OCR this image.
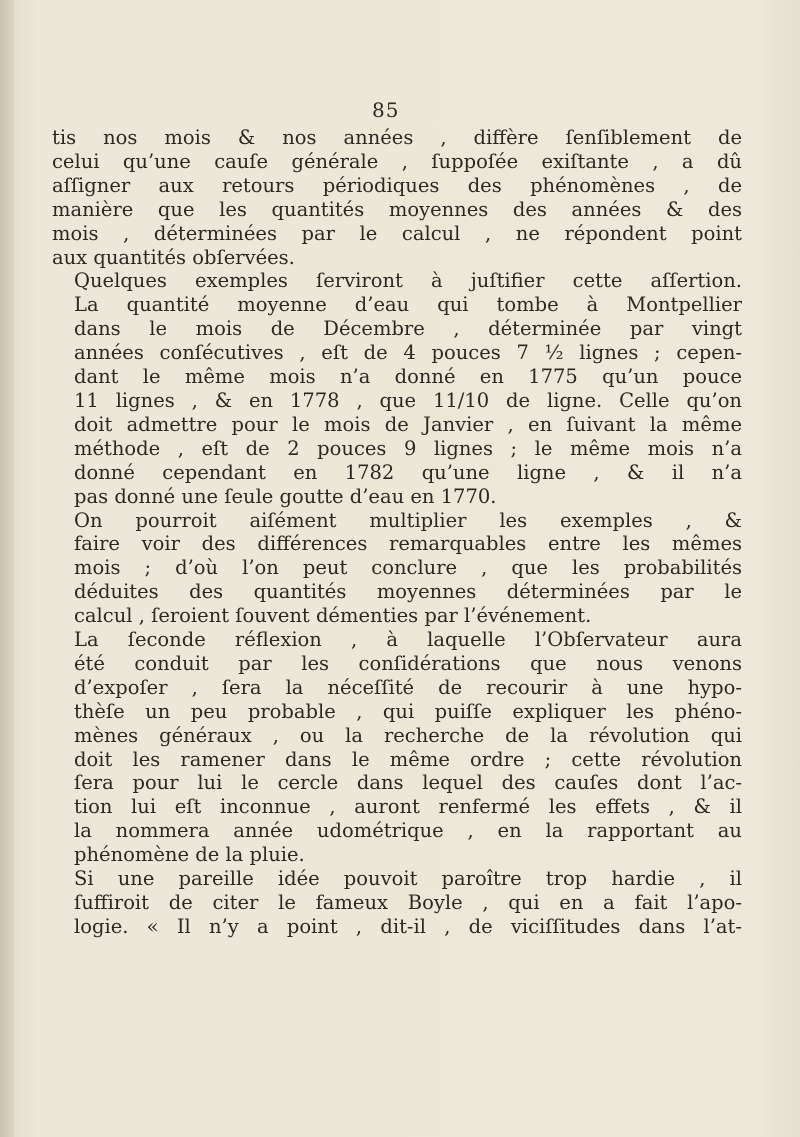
85
tis nos mois & nos années , diffère ſenſiblement de
celui qu’une cauſe générale , ſuppoſée exiſtante , a dû
aſſigner aux retours périodiques des phénomènes , de
manière que les quantités moyennes des années & des
mois , déterminées par le calcul , ne répondent point
aux quantités obſervées.
Quelques exemples ſerviront à juſtifier cette aſſertion.
La quantité moyenne d’eau qui tombe à Montpellier
dans le mois de Décembre , déterminée par vingt
années conſécutives , eſt de 4 pouces 7 ½ lignes ; cepen-
dant le même mois n’a donné en 1775 qu’un pouce
11 lignes , & en 1778 , que 11/10 de ligne. Celle qu’on
doit admettre pour le mois de Janvier , en ſuivant la même
méthode , eſt de 2 pouces 9 lignes ; le même mois n’a
donné cependant en 1782 qu’une ligne , & il n’a
pas donné une ſeule goutte d’eau en 1770.
On pourroit aiſément multiplier les exemples , &
faire voir des différences remarquables entre les mêmes
mois ; d’où l’on peut conclure , que les probabilités
déduites des quantités moyennes déterminées par le
calcul , ſeroient ſouvent démenties par l’événement.
La ſeconde réflexion , à laquelle l’Obſervateur aura
été conduit par les conſidérations que nous venons
d’expoſer , ſera la néceſſité de recourir à une hypo-
thèſe un peu probable , qui puiſſe expliquer les phéno-
mènes généraux , ou la recherche de la révolution qui
doit les ramener dans le même ordre ; cette révolution
ſera pour lui le cercle dans lequel des cauſes dont l’ac-
tion lui eſt inconnue , auront renfermé les effets , & il
la nommera année udométrique , en la rapportant au
phénomène de la pluie.
Si une pareille idée pouvoit paroître trop hardie , il
ſuffiroit de citer le fameux Boyle , qui en a fait l’apo-
logie. « Il n’y a point , dit-il , de viciſſitudes dans l’at-
